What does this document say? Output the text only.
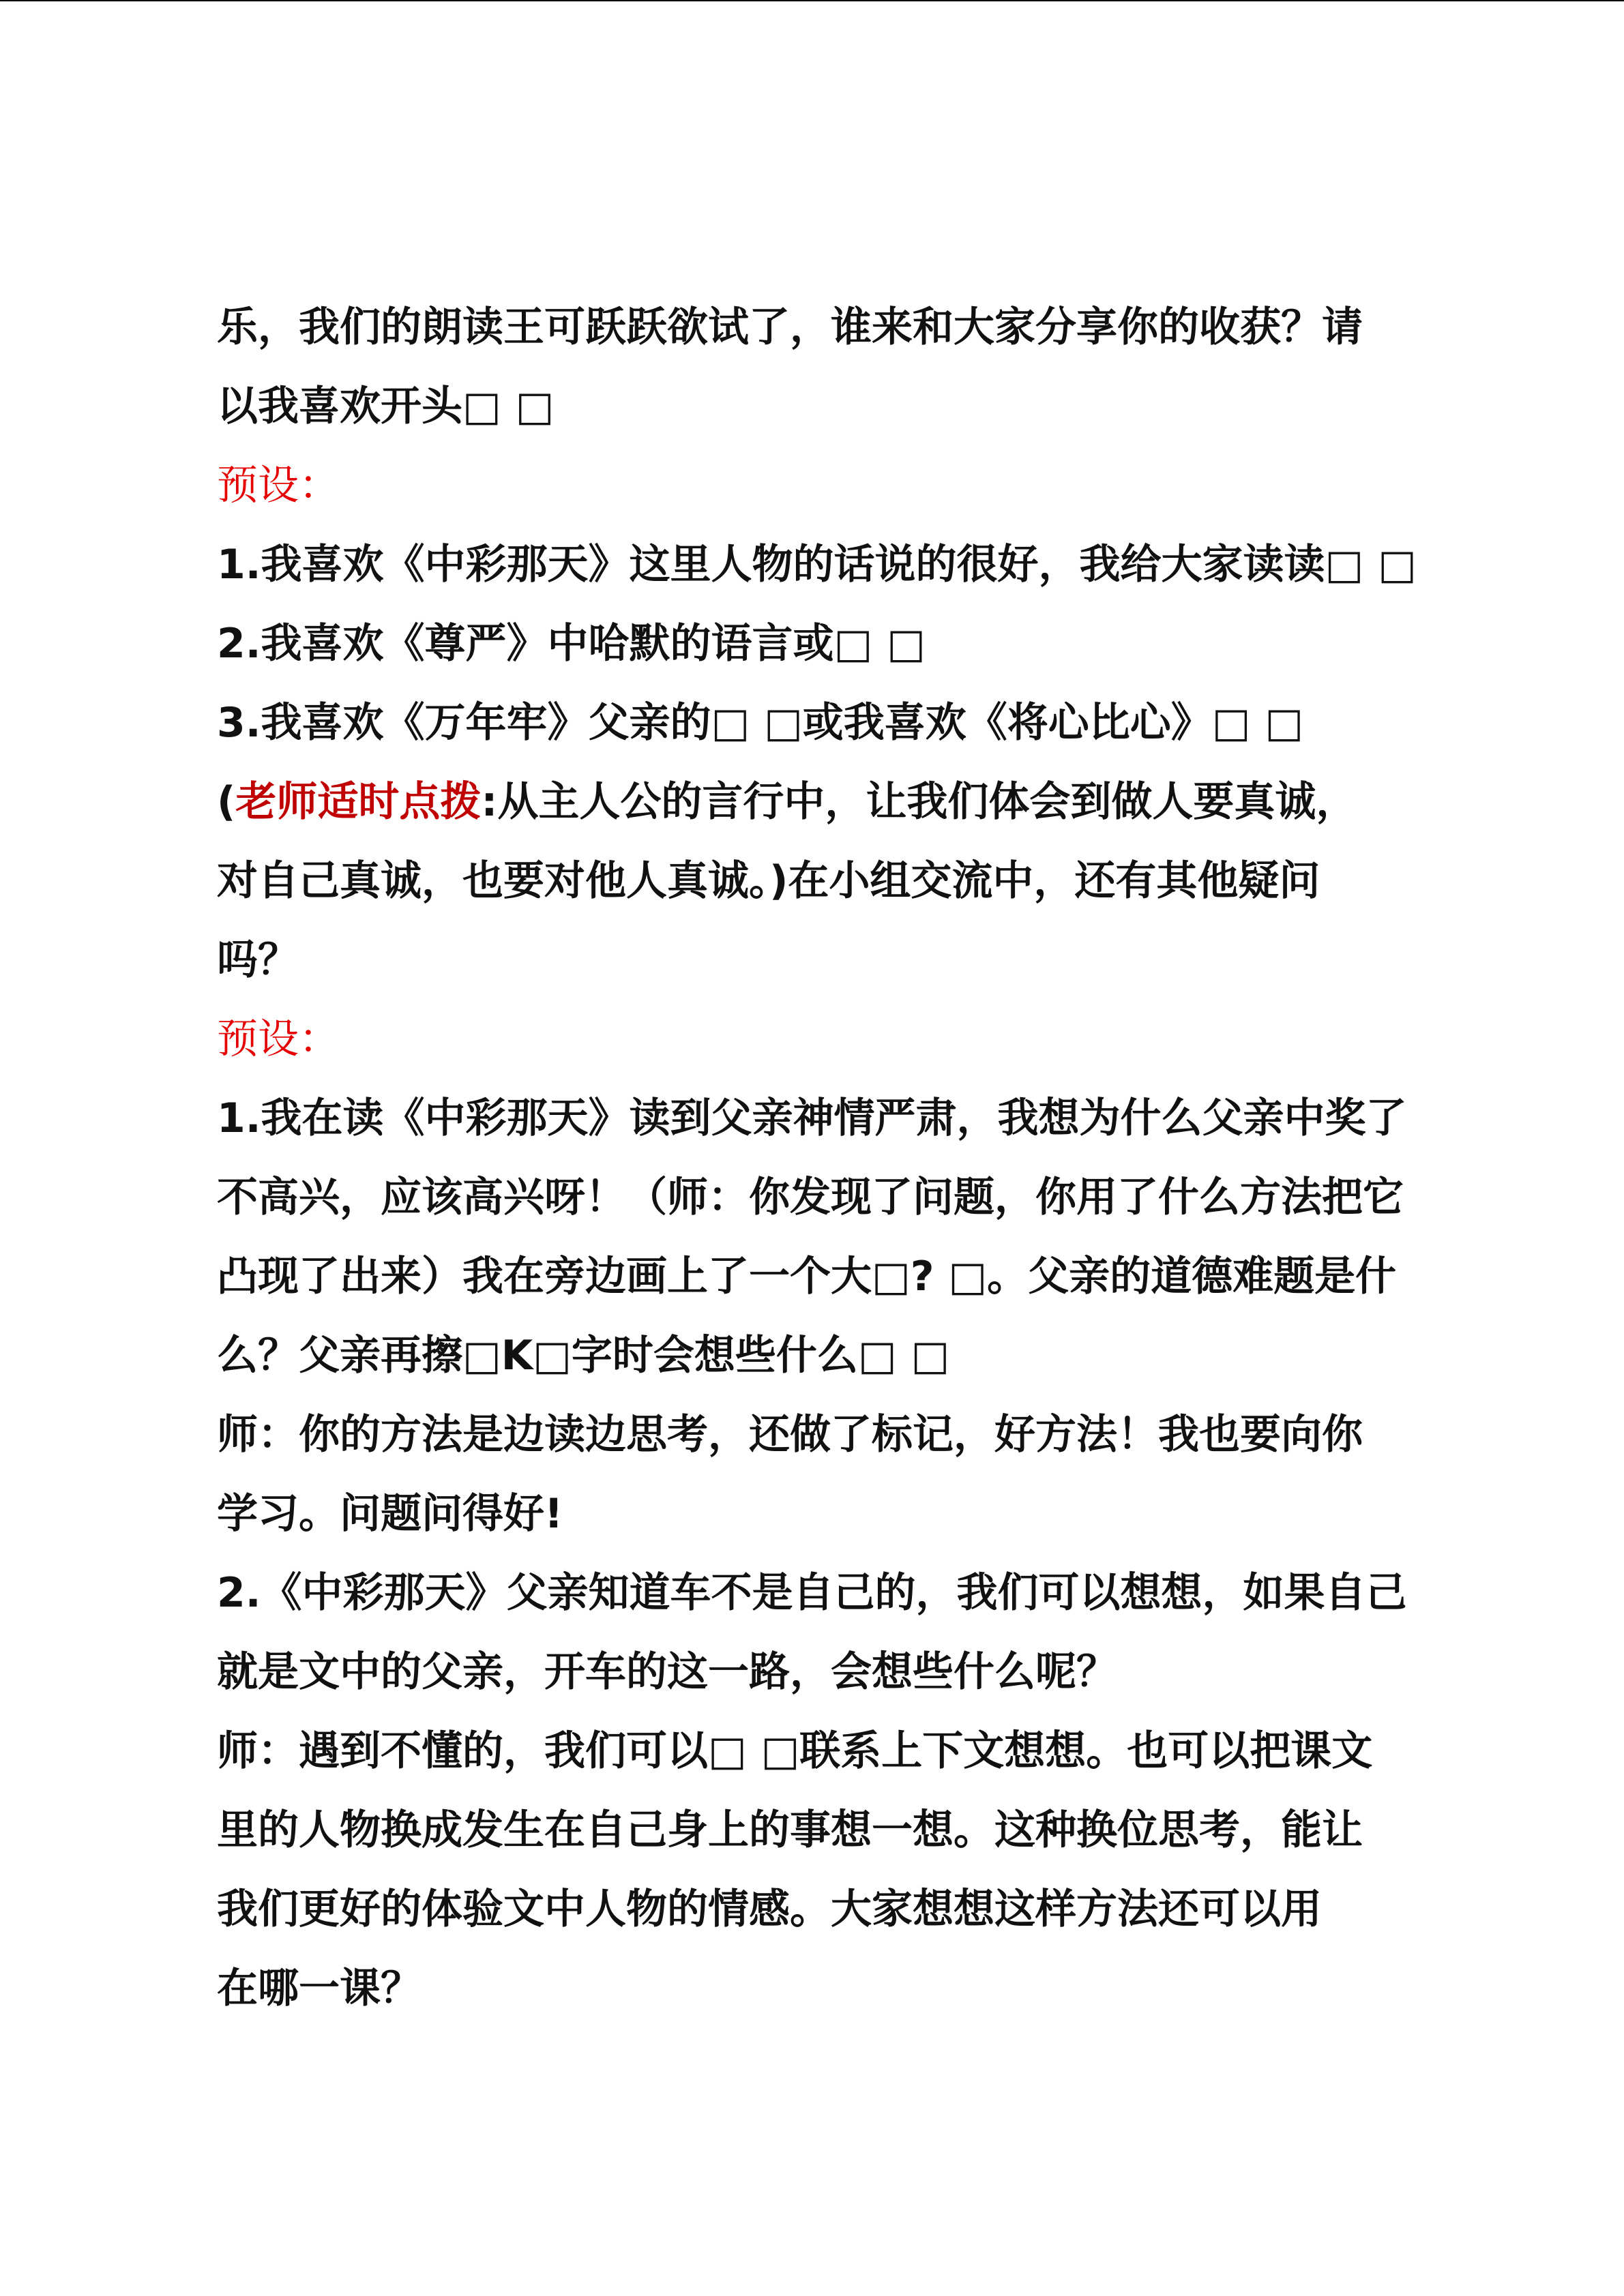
乐，我们的朗读王可跃跃欲试了，谁来和大家分享你的收获？请
以我喜欢开头□ □
预设：
1.我喜欢《中彩那天》这里人物的话说的很好，我给大家读读□ □
2.我喜欢《尊严》中哈默的语言或□ □
3.我喜欢《万年牢》父亲的□ □或我喜欢《将心比心》□ □
(老师适时点拨:从主人公的言行中，让我们体会到做人要真诚，
对自己真诚，也要对他人真诚。)在小组交流中，还有其他疑问
吗？
预设：
1.我在读《中彩那天》读到父亲神情严肃，我想为什么父亲中奖了
不高兴，应该高兴呀！（师：你发现了问题，你用了什么方法把它
凸现了出来）我在旁边画上了一个大□? □。父亲的道德难题是什
么？父亲再擦□K□字时会想些什么□ □
师：你的方法是边读边思考，还做了标记，好方法！我也要向你
学习。问题问得好!
2.《中彩那天》父亲知道车不是自己的，我们可以想想，如果自己
就是文中的父亲，开车的这一路，会想些什么呢？
师：遇到不懂的，我们可以□ □联系上下文想想。也可以把课文
里的人物换成发生在自己身上的事想一想。这种换位思考，能让
我们更好的体验文中人物的情感。大家想想这样方法还可以用
在哪一课？
